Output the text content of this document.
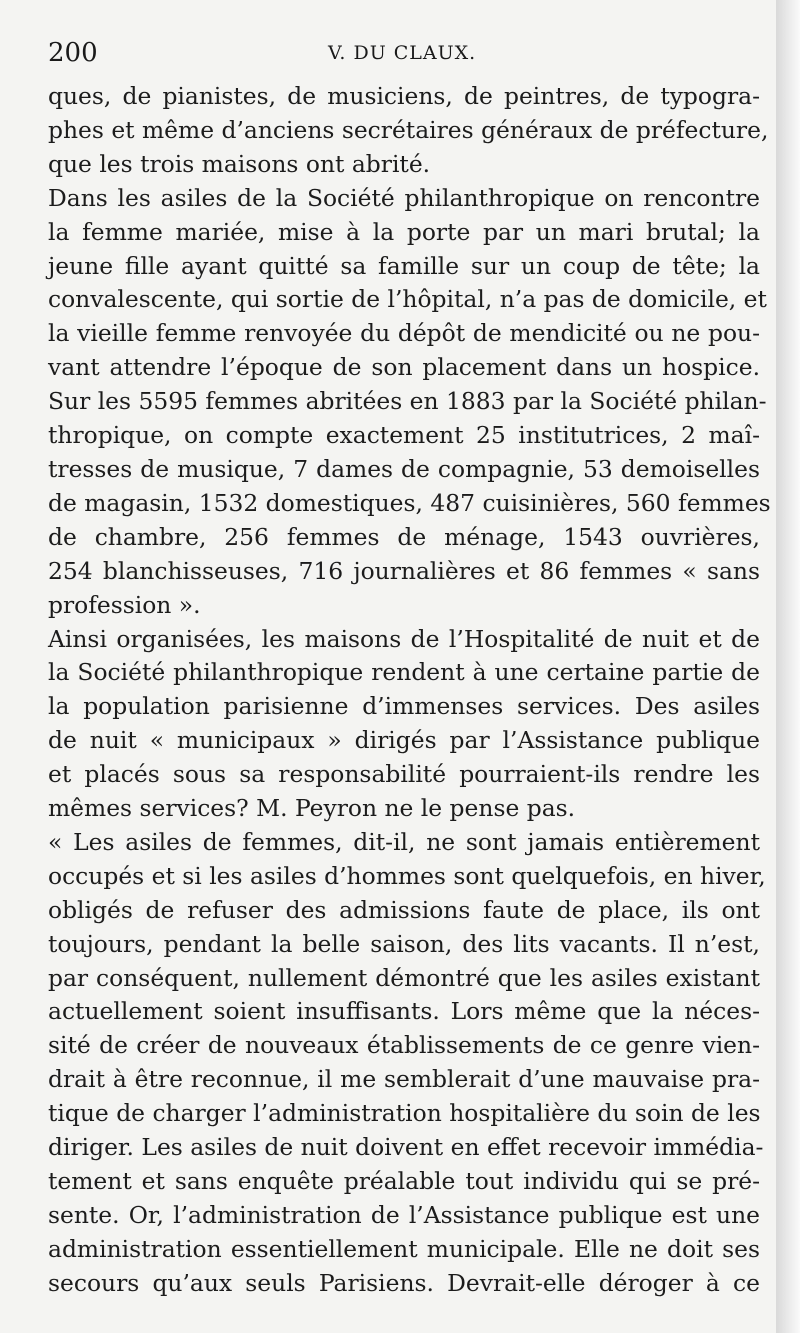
200	V. DU CLAUX.
ques, de pianistes, de musiciens, de peintres, de typogra-
phes et même d’anciens secrétaires généraux de préfecture,
que les trois maisons ont abrité.
Dans les asiles de la Société philanthropique on rencontre
la femme mariée, mise à la porte par un mari brutal; la
jeune fille ayant quitté sa famille sur un coup de tête; la
convalescente, qui sortie de l’hôpital, n’a pas de domicile, et
la vieille femme renvoyée du dépôt de mendicité ou ne pou-
vant attendre l’époque de son placement dans un hospice.
Sur les 5595 femmes abritées en 1883 par la Société philan-
thropique, on compte exactement 25 institutrices, 2 maî-
tresses de musique, 7 dames de compagnie, 53 demoiselles
de magasin, 1532 domestiques, 487 cuisinières, 560 femmes
de chambre, 256 femmes de ménage, 1543 ouvrières,
254 blanchisseuses, 716 journalières et 86 femmes « sans
profession ».
Ainsi organisées, les maisons de l’Hospitalité de nuit et de
la Société philanthropique rendent à une certaine partie de
la population parisienne d’immenses services. Des asiles
de nuit « municipaux » dirigés par l’Assistance publique
et placés sous sa responsabilité pourraient-ils rendre les
mêmes services? M. Peyron ne le pense pas.
« Les asiles de femmes, dit-il, ne sont jamais entièrement
occupés et si les asiles d’hommes sont quelquefois, en hiver,
obligés de refuser des admissions faute de place, ils ont
toujours, pendant la belle saison, des lits vacants. Il n’est,
par conséquent, nullement démontré que les asiles existant
actuellement soient insuffisants. Lors même que la néces-
sité de créer de nouveaux établissements de ce genre vien-
drait à être reconnue, il me semblerait d’une mauvaise pra-
tique de charger l’administration hospitalière du soin de les
diriger. Les asiles de nuit doivent en effet recevoir immédia-
tement et sans enquête préalable tout individu qui se pré-
sente. Or, l’administration de l’Assistance publique est une
administration essentiellement municipale. Elle ne doit ses
secours qu’aux seuls Parisiens. Devrait-elle déroger à ce
